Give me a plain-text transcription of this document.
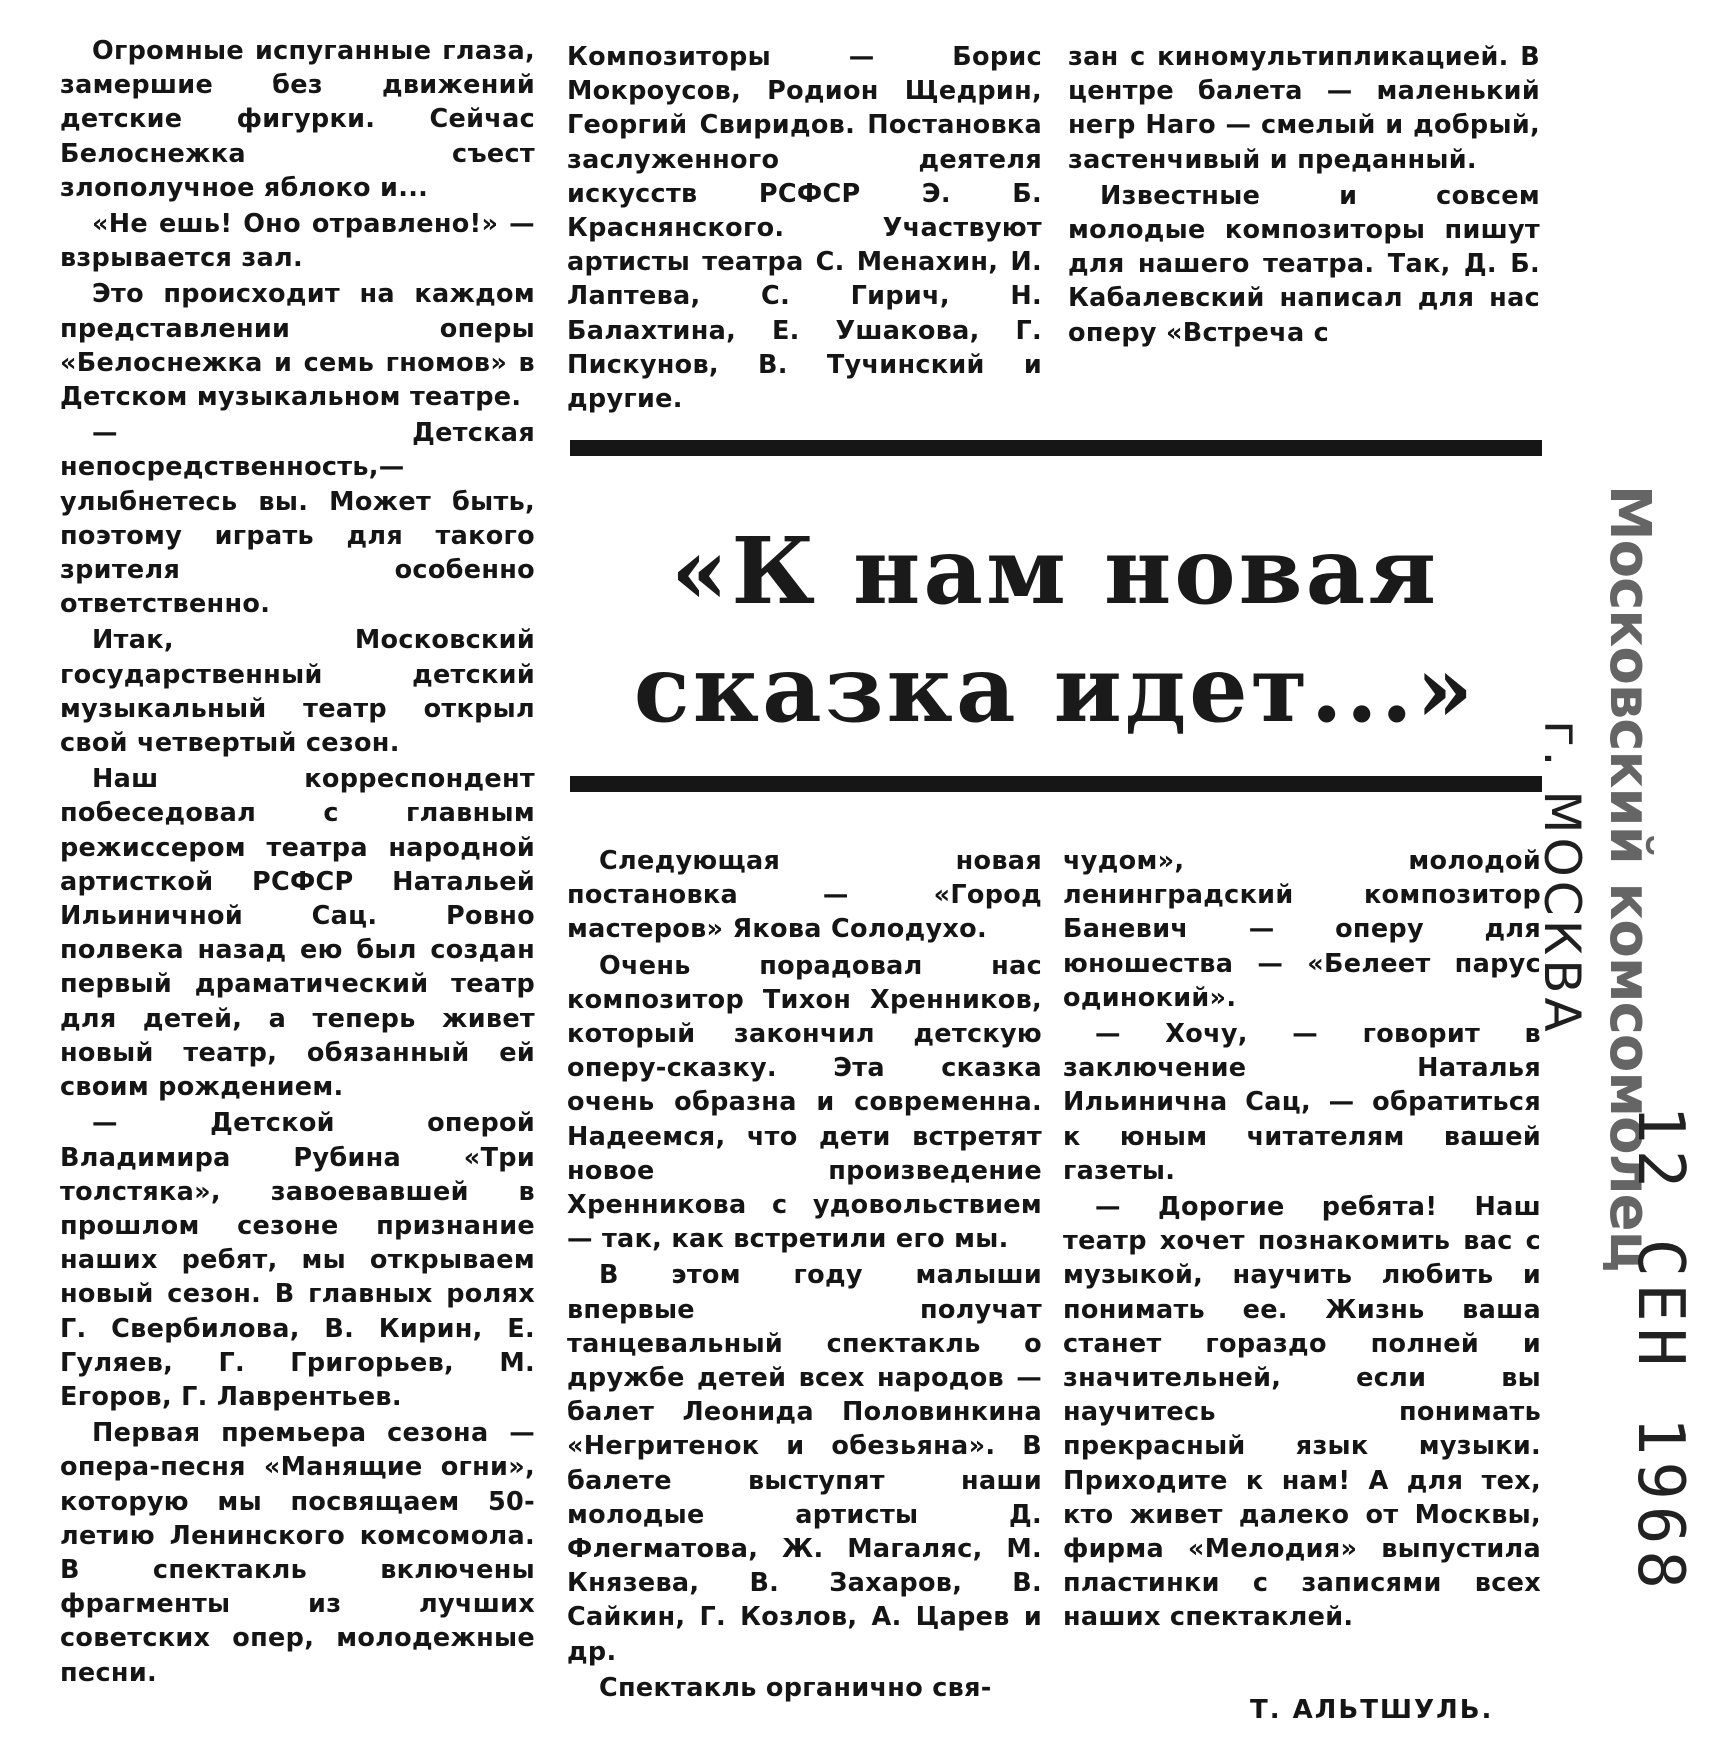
Огромные испуганные глаза, замершие без движений детские фигурки. Сейчас Белоснежка съест злополучное яблоко и...

«Не ешь! Оно отравлено!» — взрывается зал.

Это происходит на каждом представлении оперы «Белоснежка и семь гномов» в Детском музыкальном театре.

— Детская непосредственность,—улыбнетесь вы. Может быть, поэтому играть для такого зрителя особенно ответственно.

Итак, Московский государственный детский музыкальный театр открыл свой четвертый сезон.

Наш корреспондент побеседовал с главным режиссером театра народной артисткой РСФСР Натальей Ильиничной Сац. Ровно полвека назад ею был создан первый драматический театр для детей, а теперь живет новый театр, обязанный ей своим рождением.

— Детской оперой Владимира Рубина «Три толстяка», завоевавшей в прошлом сезоне признание наших ребят, мы открываем новый сезон. В главных ролях Г. Свербилова, В. Кирин, Е. Гуляев, Г. Григорьев, М. Егоров, Г. Лаврентьев.

Первая премьера сезона — опера-песня «Манящие огни», которую мы посвящаем 50-летию Ленинского комсомола. В спектакль включены фрагменты из лучших советских опер, молодежные песни.

Композиторы — Борис Мокроусов, Родион Щедрин, Георгий Свиридов. Постановка заслуженного деятеля искусств РСФСР Э. Б. Краснянского. Участвуют артисты театра С. Менахин, И. Лаптева, С. Гирич, Н. Балахтина, Е. Ушакова, Г. Пискунов, В. Тучинский и другие.

зан с киномультипликацией. В центре балета — маленький негр Наго — смелый и добрый, застенчивый и преданный.

Известные и совсем молодые композиторы пишут для нашего театра. Так, Д. Б. Кабалевский написал для нас оперу «Встреча с

«К нам новая сказка идет...»

Следующая новая постановка — «Город мастеров» Якова Солодухо.

Очень порадовал нас композитор Тихон Хренников, который закончил детскую оперу-сказку. Эта сказка очень образна и современна. Надеемся, что дети встретят новое произведение Хренникова с удовольствием — так, как встретили его мы.

В этом году малыши впервые получат танцевальный спектакль о дружбе детей всех народов — балет Леонида Половинкина «Негритенок и обезьяна». В балете выступят наши молодые артисты Д. Флегматова, Ж. Магаляс, М. Князева, В. Захаров, В. Сайкин, Г. Козлов, А. Царев и др.

Спектакль органично свя-

чудом», молодой ленинградский композитор Баневич — оперу для юношества — «Белеет парус одинокий».

— Хочу, — говорит в заключение Наталья Ильинична Сац, — обратиться к юным читателям вашей газеты.

— Дорогие ребята! Наш театр хочет познакомить вас с музыкой, научить любить и понимать ее. Жизнь ваша станет гораздо полней и значительней, если вы научитесь понимать прекрасный язык музыки. Приходите к нам! А для тех, кто живет далеко от Москвы, фирма «Мелодия» выпустила пластинки с записями всех наших спектаклей.

Т. АЛЬТШУЛЬ.
Московский комсомолец
г. МОСКВА
12 СЕН 1968
